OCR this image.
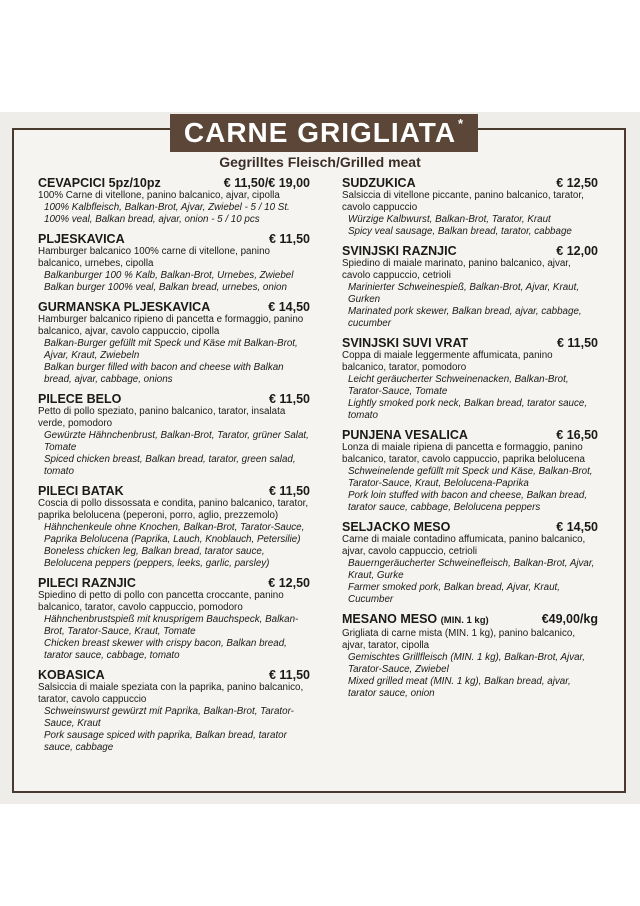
CARNE GRIGLIATA *
Gegrilltes Fleisch/Grilled meat
CEVAPCICI 5pz/10pz	€ 11,50/€ 19,00
100% Carne di vitellone, panino balcanico, ajvar, cipolla
100% Kalbfleisch, Balkan-Brot, Ajvar, Zwiebel - 5 / 10 St.
100% veal, Balkan bread, ajvar, onion - 5 / 10 pcs
PLJESKAVICA	€ 11,50
Hamburger balcanico 100% carne di vitellone, panino balcanico, urnebes, cipolla
Balkanburger 100 % Kalb, Balkan-Brot, Urnebes, Zwiebel
Balkan burger 100% veal, Balkan bread, urnebes, onion
GURMANSKA PLJESKAVICA	€ 14,50
Hamburger balcanico ripieno di pancetta e formaggio, panino balcanico, ajvar, cavolo cappuccio, cipolla
Balkan-Burger gefüllt mit Speck und Käse mit Balkan-Brot, Ajvar, Kraut, Zwiebeln
Balkan burger filled with bacon and cheese with Balkan bread, ajvar, cabbage, onions
PILECE BELO	€ 11,50
Petto di pollo speziato, panino balcanico, tarator, insalata verde, pomodoro
Gewürzte Hähnchenbrust, Balkan-Brot, Tarator, grüner Salat, Tomate
Spiced chicken breast, Balkan bread, tarator, green salad, tomato
PILECI BATAK	€ 11,50
Coscia di pollo dissossata e condita, panino balcanico, tarator, paprika belolucena (peperoni, porro, aglio, prezzemolo)
Hähnchenkeule ohne Knochen, Balkan-Brot, Tarator-Sauce, Paprika Belolucena (Paprika, Lauch, Knoblauch, Petersilie)
Boneless chicken leg, Balkan bread, tarator sauce, Belolucena peppers (peppers, leeks, garlic, parsley)
PILECI RAZNJIC	€ 12,50
Spiedino di petto di pollo con pancetta croccante, panino balcanico, tarator, cavolo cappuccio, pomodoro
Hähnchenbrustspieß mit knusprigem Bauchspeck, Balkan-Brot, Tarator-Sauce, Kraut, Tomate
Chicken breast skewer with crispy bacon, Balkan bread, tarator sauce, cabbage, tomato
KOBASICA	€ 11,50
Salsiccia di maiale speziata con la paprika, panino balcanico, tarator, cavolo cappuccio
Schweinswurst gewürzt mit Paprika, Balkan-Brot, Tarator-Sauce, Kraut
Pork sausage spiced with paprika, Balkan bread, tarator sauce, cabbage
SUDZUKICA	€ 12,50
Salsiccia di vitellone piccante, panino balcanico, tarator, cavolo cappuccio
Würzige Kalbwurst, Balkan-Brot, Tarator, Kraut
Spicy veal sausage, Balkan bread, tarator, cabbage
SVINJSKI RAZNJIC	€ 12,00
Spiedino di maiale marinato, panino balcanico, ajvar, cavolo cappuccio, cetrioli
Marinierter Schweinespieß, Balkan-Brot, Ajvar, Kraut, Gurken
Marinated pork skewer, Balkan bread, ajvar, cabbage, cucumber
SVINJSKI SUVI VRAT	€ 11,50
Coppa di maiale leggermente affumicata, panino balcanico, tarator, pomodoro
Leicht geräucherter Schweinenacken, Balkan-Brot, Tarator-Sauce, Tomate
Lightly smoked pork neck, Balkan bread, tarator sauce, tomato
PUNJENA VESALICA	€ 16,50
Lonza di maiale ripiena di pancetta e formaggio, panino balcanico, tarator, cavolo cappuccio, paprika belolucena
Schweinelende gefüllt mit Speck und Käse, Balkan-Brot, Tarator-Sauce, Kraut, Belolucena-Paprika
Pork loin stuffed with bacon and cheese, Balkan bread, tarator sauce, cabbage, Belolucena peppers
SELJACKO MESO	€ 14,50
Carne di maiale contadino affumicata, panino balcanico, ajvar, cavolo cappuccio, cetrioli
Bauerngeräucherter Schweinefleisch, Balkan-Brot, Ajvar, Kraut, Gurke
Farmer smoked pork, Balkan bread, Ajvar, Kraut, Cucumber
MESANO MESO (MIN. 1 kg)	€49,00/kg
Grigliata di carne mista (MIN. 1 kg), panino balcanico, ajvar, tarator, cipolla
Gemischtes Grillfleisch (MIN. 1 kg), Balkan-Brot, Ajvar, Tarator-Sauce, Zwiebel
Mixed grilled meat (MIN. 1 kg), Balkan bread, ajvar, tarator sauce, onion
